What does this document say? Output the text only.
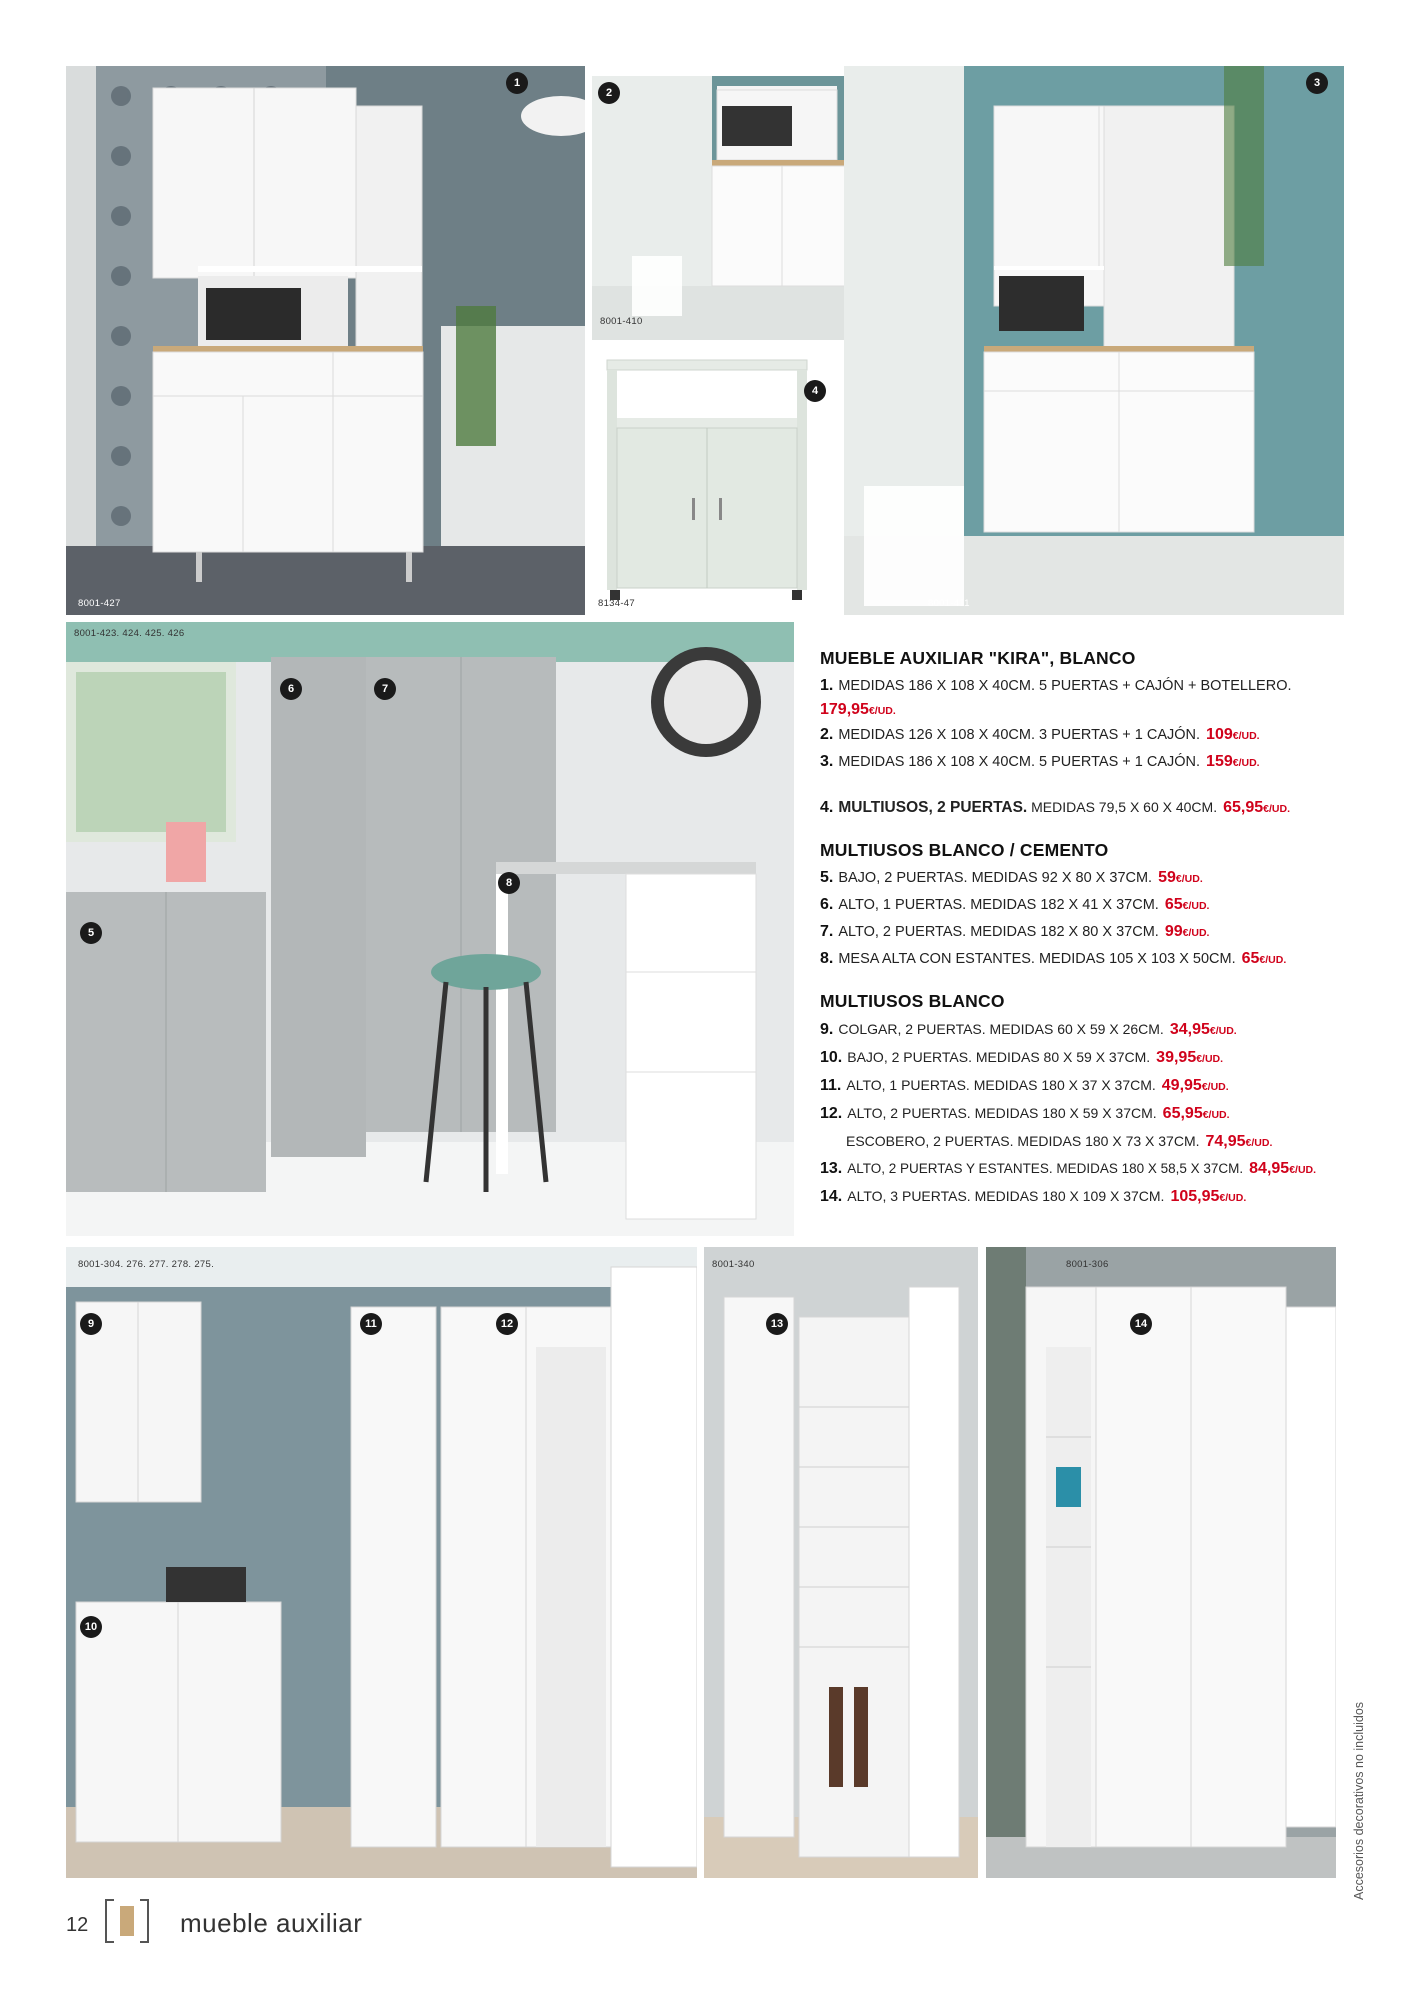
1
8001-427
2
8001-410
4
8134-47
3
8001-411
8001-423. 424. 425. 426
5
6	7
8
MUEBLE AUXILIAR "KIRA", BLANCO
1. MEDIDAS 186 X 108 X 40CM. 5 PUERTAS + CAJÓN + BOTELLERO.
179,95€/UD.
2. MEDIDAS 126 X 108 X 40CM. 3 PUERTAS + 1 CAJÓN. 109€/UD.
3. MEDIDAS 186 X 108 X 40CM. 5 PUERTAS + 1 CAJÓN. 159€/UD.
4. MULTIUSOS, 2 PUERTAS. MEDIDAS 79,5 X 60 X 40CM. 65,95€/UD.
MULTIUSOS BLANCO / CEMENTO
5. BAJO, 2 PUERTAS. MEDIDAS 92 X 80 X 37CM. 59€/UD.
6. ALTO, 1 PUERTAS. MEDIDAS 182 X 41 X 37CM. 65€/UD.
7. ALTO, 2 PUERTAS. MEDIDAS 182 X 80 X 37CM. 99€/UD.
8. MESA ALTA CON ESTANTES. MEDIDAS 105 X 103 X 50CM. 65€/UD.
MULTIUSOS BLANCO
9. COLGAR, 2 PUERTAS. MEDIDAS 60 X 59 X 26CM. 34,95€/UD.
10. BAJO, 2 PUERTAS. MEDIDAS 80 X 59 X 37CM. 39,95€/UD.
11. ALTO, 1 PUERTAS. MEDIDAS 180 X 37 X 37CM. 49,95€/UD.
12. ALTO, 2 PUERTAS. MEDIDAS 180 X 59 X 37CM. 65,95€/UD.
ESCOBERO, 2 PUERTAS. MEDIDAS 180 X 73 X 37CM. 74,95€/UD.
13. ALTO, 2 PUERTAS Y ESTANTES. MEDIDAS 180 X 58,5 X 37CM. 84,95€/UD.
14. ALTO, 3 PUERTAS. MEDIDAS 180 X 109 X 37CM. 105,95€/UD.
8001-304. 276. 277. 278. 275.
9
10
11	12
8001-340
13
8001-306
14
12	mueble auxiliar
Accesorios decorativos no incluidos
